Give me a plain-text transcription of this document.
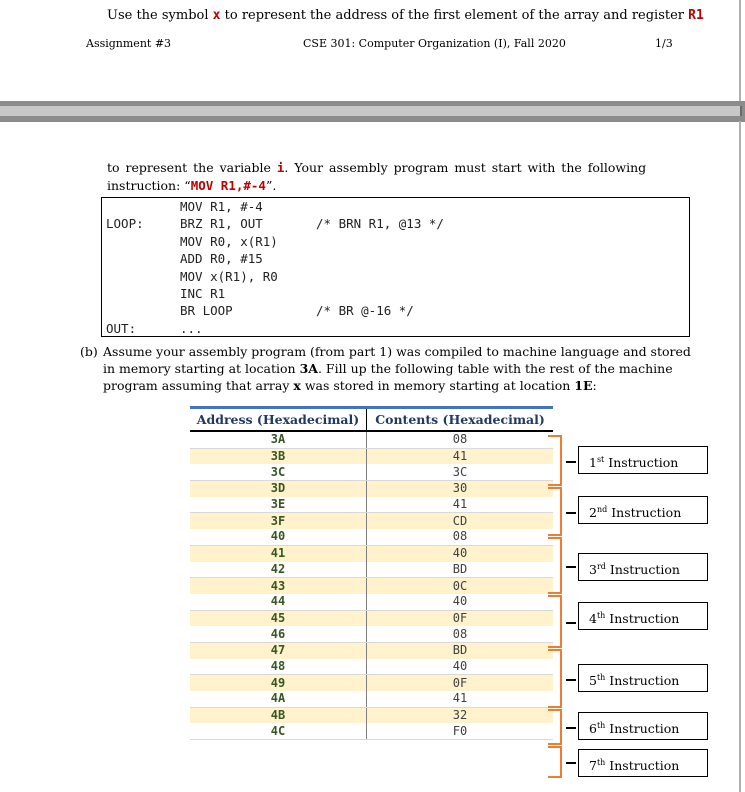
Use the symbol x to represent the address of the first element of the array and register R1
Assignment #3	CSE 301: Computer Organization (I), Fall 2020	1/3
to represent the variable i. Your assembly program must start with the following
instruction: “MOV R1,#-4”.
MOV R1, #-4
LOOP:	BRZ R1, OUT	/* BRN R1, @13 */
MOV R0, x(R1)
ADD R0, #15
MOV x(R1), R0
INC R1
BR LOOP	/* BR @-16 */
OUT:	...
(b) Assume your assembly program (from part 1) was compiled to machine language and stored
in memory starting at location 3A. Fill up the following table with the rest of the machine
program assuming that array x was stored in memory starting at location 1E:
Address (Hexadecimal)	Contents (Hexadecimal)
3A	08
3B	41
3C	3C
3D	30
3E	41
3F	CD
40	08
41	40
42	BD
43	0C
44	40
45	0F
46	08
47	BD
48	40
49	0F
4A	41
4B	32
4C	F0
1st Instruction
2nd Instruction
3rd Instruction
4th Instruction
5th Instruction
6th Instruction
7th Instruction
